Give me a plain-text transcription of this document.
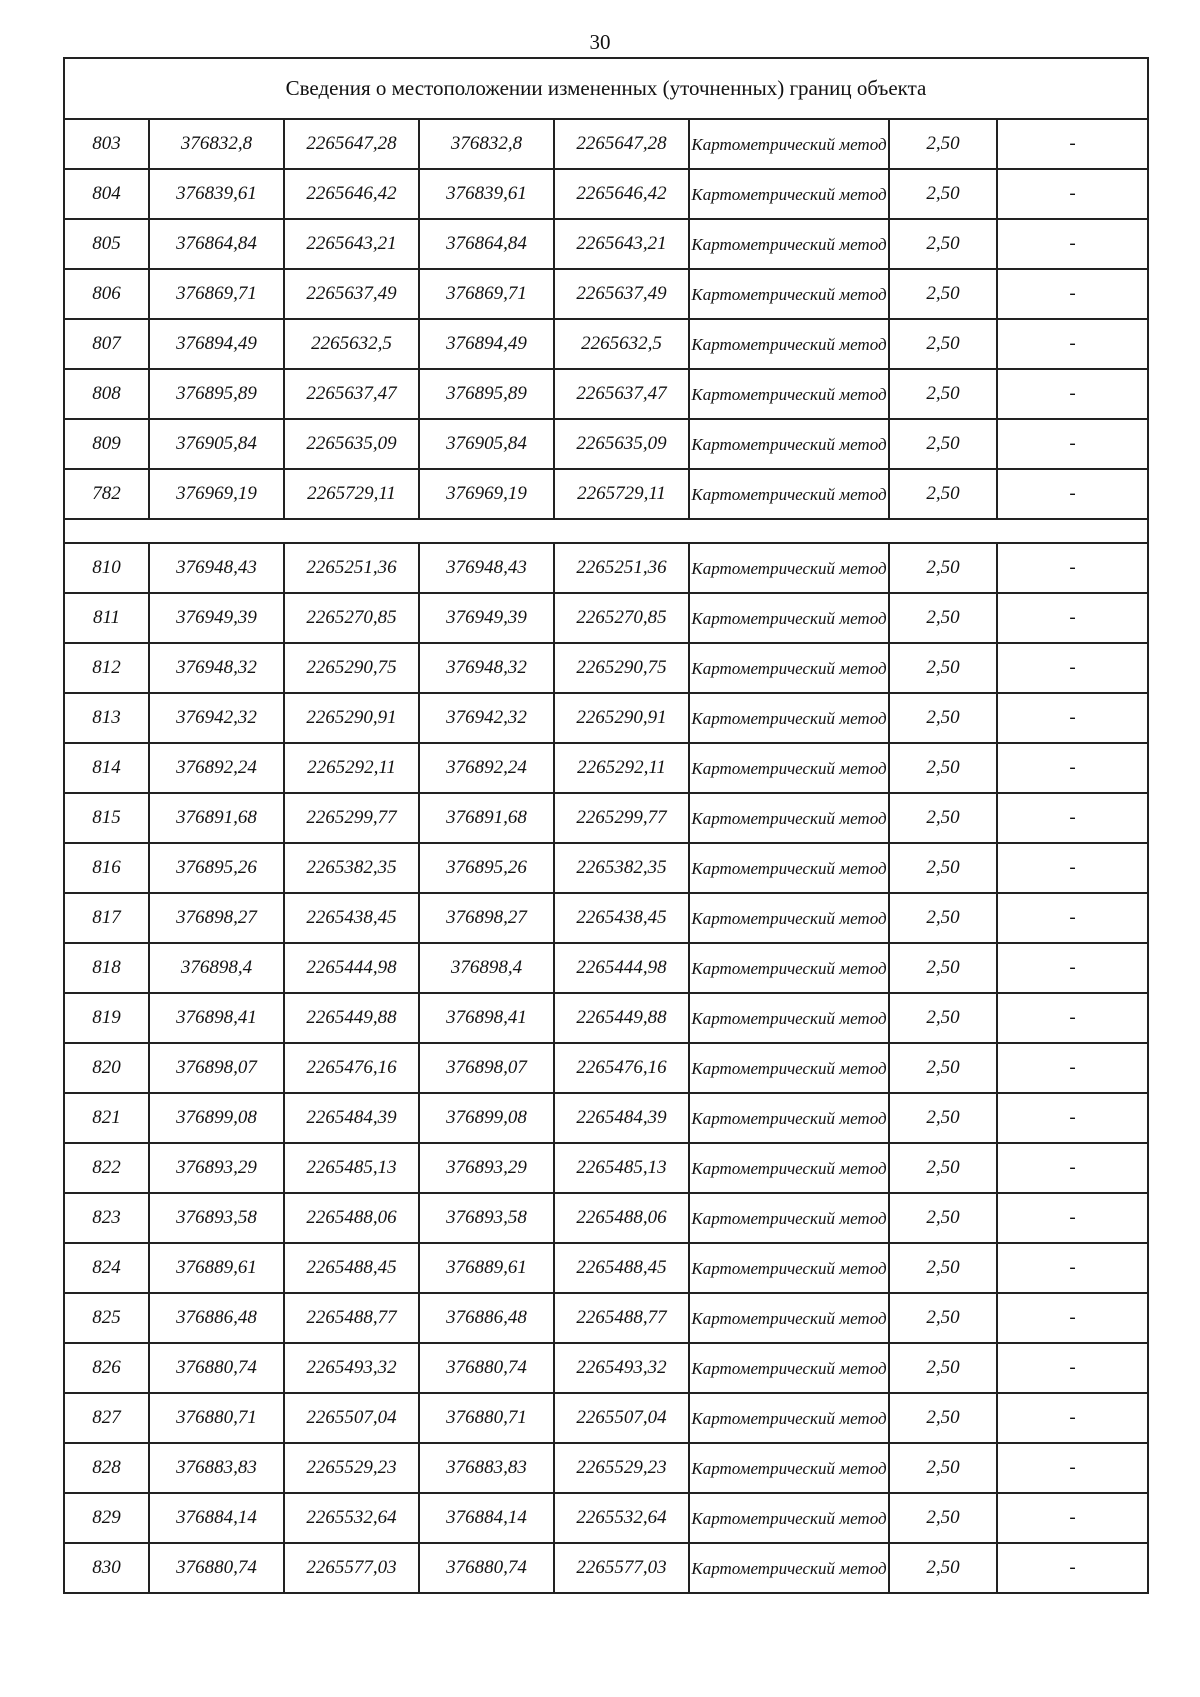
30
Сведения о местоположении измененных (уточненных) границ объекта							
803	376832,8	2265647,28	376832,8	2265647,28	Картометрический метод	2,50	-
804	376839,61	2265646,42	376839,61	2265646,42	Картометрический метод	2,50	-
805	376864,84	2265643,21	376864,84	2265643,21	Картометрический метод	2,50	-
806	376869,71	2265637,49	376869,71	2265637,49	Картометрический метод	2,50	-
807	376894,49	2265632,5	376894,49	2265632,5	Картометрический метод	2,50	-
808	376895,89	2265637,47	376895,89	2265637,47	Картометрический метод	2,50	-
809	376905,84	2265635,09	376905,84	2265635,09	Картометрический метод	2,50	-
782	376969,19	2265729,11	376969,19	2265729,11	Картометрический метод	2,50	-

810	376948,43	2265251,36	376948,43	2265251,36	Картометрический метод	2,50	-
811	376949,39	2265270,85	376949,39	2265270,85	Картометрический метод	2,50	-
812	376948,32	2265290,75	376948,32	2265290,75	Картометрический метод	2,50	-
813	376942,32	2265290,91	376942,32	2265290,91	Картометрический метод	2,50	-
814	376892,24	2265292,11	376892,24	2265292,11	Картометрический метод	2,50	-
815	376891,68	2265299,77	376891,68	2265299,77	Картометрический метод	2,50	-
816	376895,26	2265382,35	376895,26	2265382,35	Картометрический метод	2,50	-
817	376898,27	2265438,45	376898,27	2265438,45	Картометрический метод	2,50	-
818	376898,4	2265444,98	376898,4	2265444,98	Картометрический метод	2,50	-
819	376898,41	2265449,88	376898,41	2265449,88	Картометрический метод	2,50	-
820	376898,07	2265476,16	376898,07	2265476,16	Картометрический метод	2,50	-
821	376899,08	2265484,39	376899,08	2265484,39	Картометрический метод	2,50	-
822	376893,29	2265485,13	376893,29	2265485,13	Картометрический метод	2,50	-
823	376893,58	2265488,06	376893,58	2265488,06	Картометрический метод	2,50	-
824	376889,61	2265488,45	376889,61	2265488,45	Картометрический метод	2,50	-
825	376886,48	2265488,77	376886,48	2265488,77	Картометрический метод	2,50	-
826	376880,74	2265493,32	376880,74	2265493,32	Картометрический метод	2,50	-
827	376880,71	2265507,04	376880,71	2265507,04	Картометрический метод	2,50	-
828	376883,83	2265529,23	376883,83	2265529,23	Картометрический метод	2,50	-
829	376884,14	2265532,64	376884,14	2265532,64	Картометрический метод	2,50	-
830	376880,74	2265577,03	376880,74	2265577,03	Картометрический метод	2,50	-
